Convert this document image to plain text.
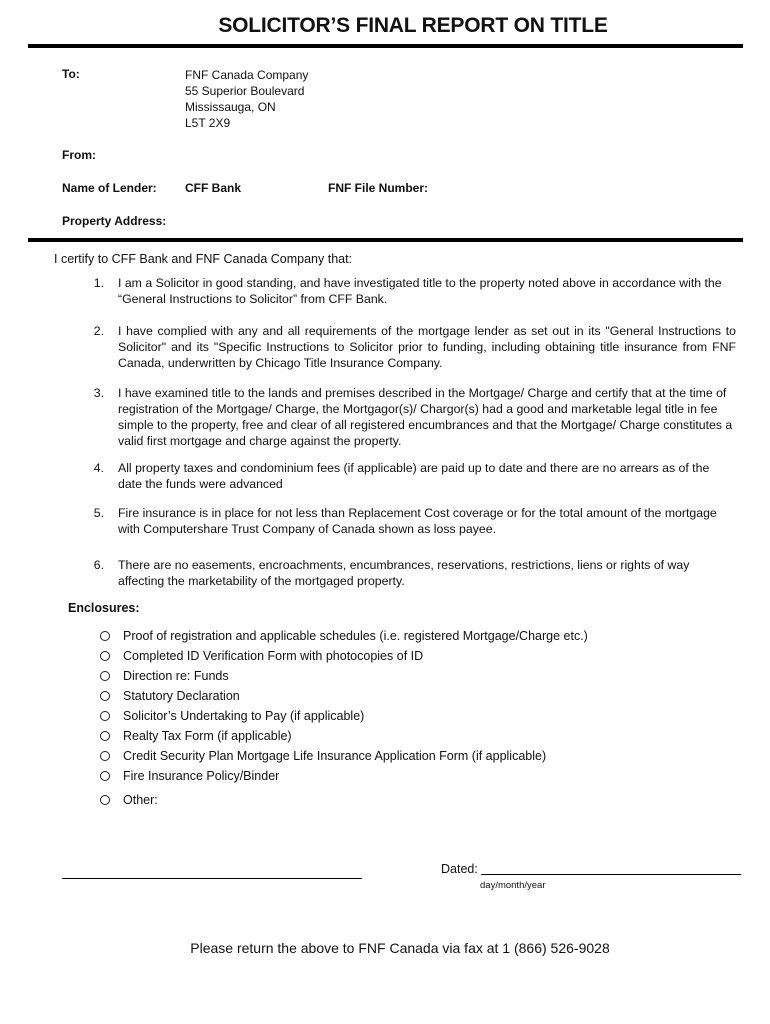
SOLICITOR’S FINAL REPORT ON TITLE
To:	FNF Canada Company
55 Superior Boulevard
Mississauga, ON
L5T 2X9
From:
Name of Lender: CFF Bank	FNF File Number:
Property Address:
I certify to CFF Bank and FNF Canada Company that:
1. I am a Solicitor in good standing, and have investigated title to the property noted above in accordance with the “General Instructions to Solicitor” from CFF Bank.
2. I have complied with any and all requirements of the mortgage lender as set out in its "General Instructions to Solicitor" and its "Specific Instructions to Solicitor prior to funding, including obtaining title insurance from FNF Canada, underwritten by Chicago Title Insurance Company.
3. I have examined title to the lands and premises described in the Mortgage/ Charge and certify that at the time of registration of the Mortgage/ Charge, the Mortgagor(s)/ Chargor(s) had a good and marketable legal title in fee simple to the property, free and clear of all registered encumbrances and that the Mortgage/ Charge constitutes a valid first mortgage and charge against the property.
4. All property taxes and condominium fees (if applicable) are paid up to date and there are no arrears as of the date the funds were advanced
5. Fire insurance is in place for not less than Replacement Cost coverage or for the total amount of the mortgage with Computershare Trust Company of Canada shown as loss payee.
6. There are no easements, encroachments, encumbrances, reservations, restrictions, liens or rights of way affecting the marketability of the mortgaged property.
Enclosures:
Proof of registration and applicable schedules (i.e. registered Mortgage/Charge etc.)
Completed ID Verification Form with photocopies of ID
Direction re: Funds
Statutory Declaration
Solicitor’s Undertaking to Pay (if applicable)
Realty Tax Form (if applicable)
Credit Security Plan Mortgage Life Insurance Application Form (if applicable)
Fire Insurance Policy/Binder
Other:
Dated:
day/month/year
Please return the above to FNF Canada via fax at 1 (866) 526-9028
